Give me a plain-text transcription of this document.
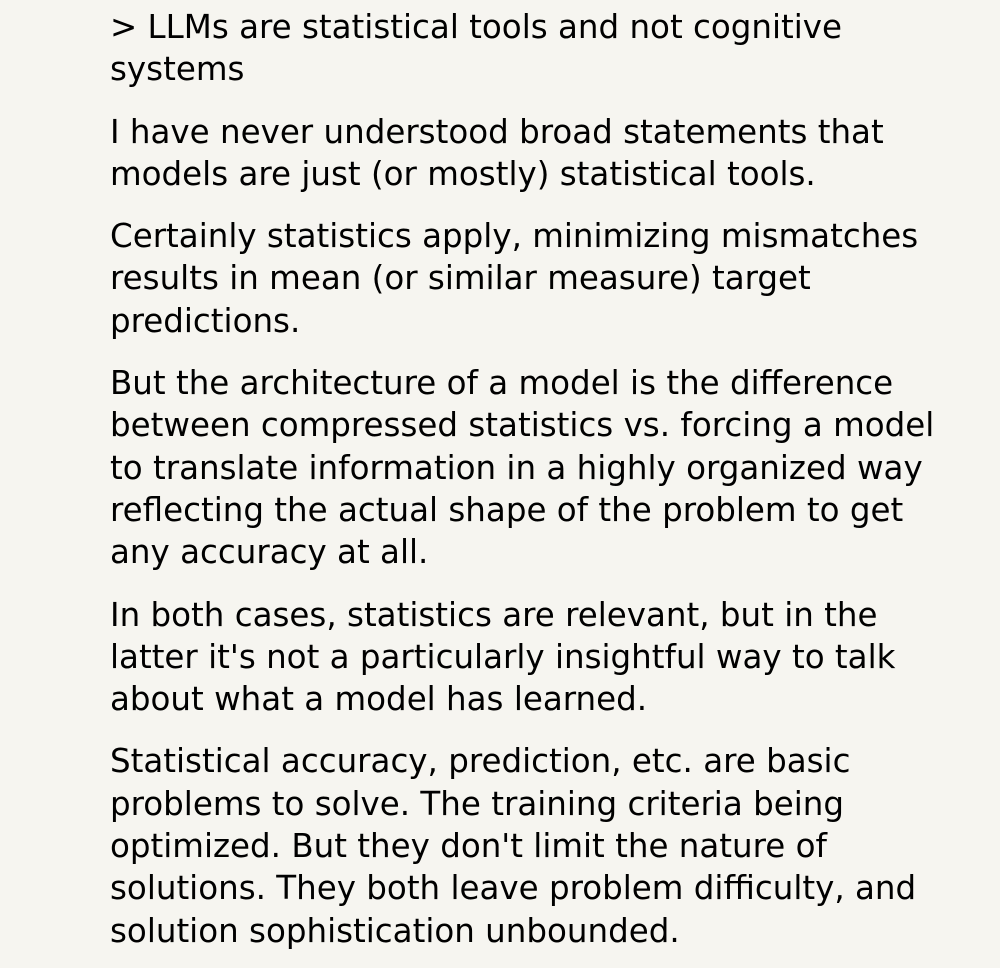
> LLMs are statistical tools and not cognitive systems

I have never understood broad statements that models are just (or mostly) statistical tools.

Certainly statistics apply, minimizing mismatches results in mean (or similar measure) target predictions.

But the architecture of a model is the difference between compressed statistics vs. forcing a model to translate information in a highly organized way reflecting the actual shape of the problem to get any accuracy at all.

In both cases, statistics are relevant, but in the latter it's not a particularly insightful way to talk about what a model has learned.

Statistical accuracy, prediction, etc. are basic problems to solve. The training criteria being optimized. But they don't limit the nature of solutions. They both leave problem difficulty, and solution sophistication unbounded.
